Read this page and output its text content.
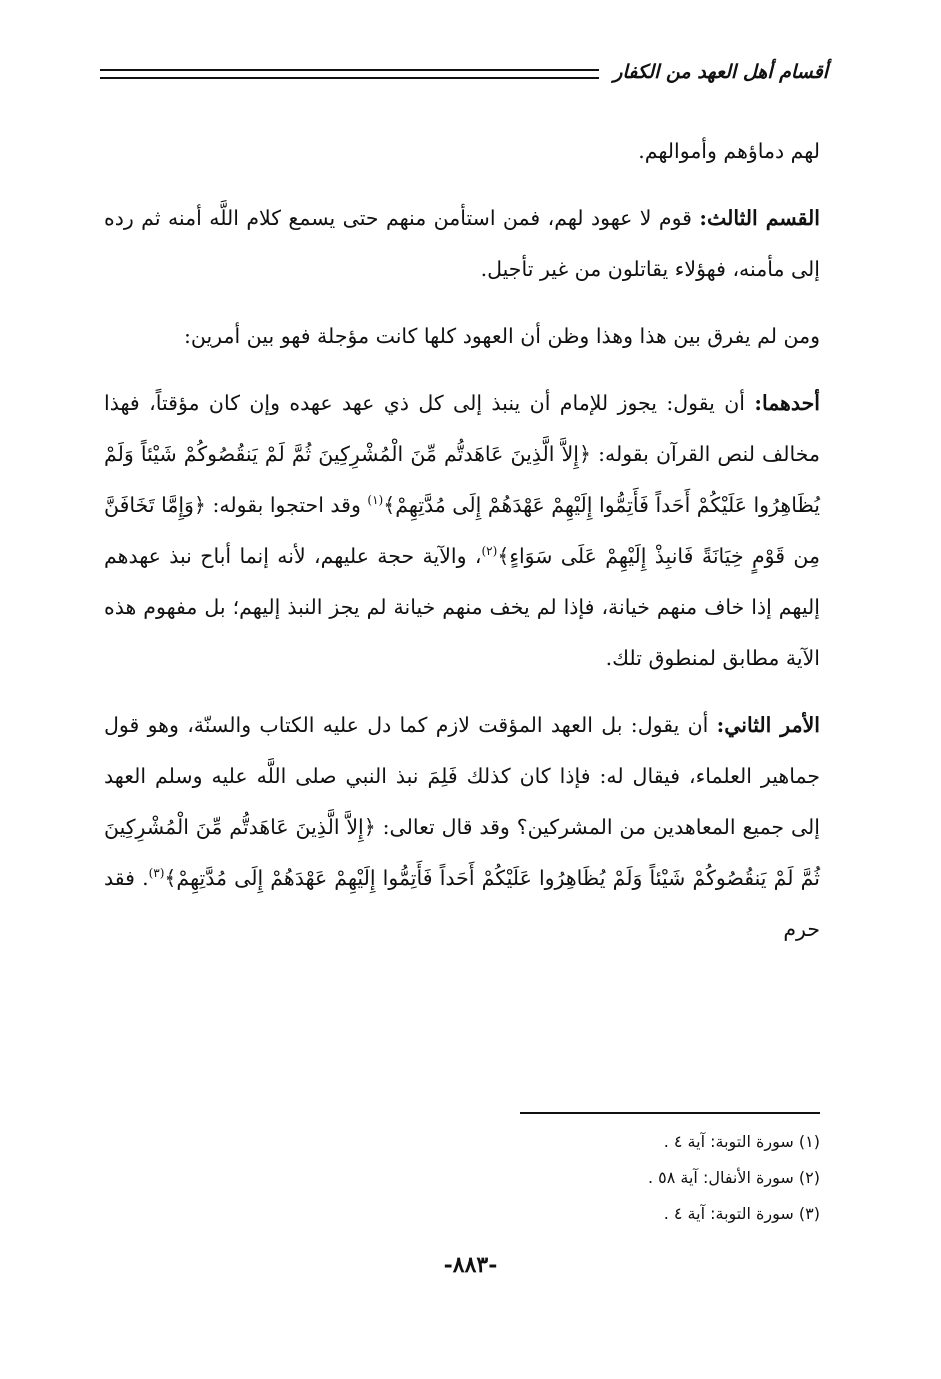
أقسام أهل العهد من الكفار

لهم دماؤهم وأموالهم.

القسم الثالث: قوم لا عهود لهم، فمن استأمن منهم حتى يسمع كلام اللَّه أمنه ثم رده إلى مأمنه، فهؤلاء يقاتلون من غير تأجيل.

ومن لم يفرق بين هذا وهذا وظن أن العهود كلها كانت مؤجلة فهو بين أمرين:

أحدهما: أن يقول: يجوز للإمام أن ينبذ إلى كل ذي عهد عهده وإن كان مؤقتاً، فهذا مخالف لنص القرآن بقوله: ﴿إِلاَّ الَّذِينَ عَاهَدتُّم مِّنَ الْمُشْرِكِينَ ثُمَّ لَمْ يَنقُصُوكُمْ شَيْئاً وَلَمْ يُظَاهِرُوا عَلَيْكُمْ أَحَداً فَأَتِمُّوا إِلَيْهِمْ عَهْدَهُمْ إِلَى مُدَّتِهِمْ﴾$^{(١)}$ وقد احتجوا بقوله: ﴿وَإِمَّا تَخَافَنَّ مِن قَوْمٍ خِيَانَةً فَانبِذْ إِلَيْهِمْ عَلَى سَوَاءٍ﴾$^{(٢)}$، والآية حجة عليهم، لأنه إنما أباح نبذ عهدهم إليهم إذا خاف منهم خيانة، فإذا لم يخف منهم خيانة لم يجز النبذ إليهم؛ بل مفهوم هذه الآية مطابق لمنطوق تلك.

الأمر الثاني: أن يقول: بل العهد المؤقت لازم كما دل عليه الكتاب والسنّة، وهو قول جماهير العلماء، فيقال له: فإذا كان كذلك فَلِمَ نبذ النبي صلى اللَّه عليه وسلم العهد إلى جميع المعاهدين من المشركين؟ وقد قال تعالى: ﴿إِلاَّ الَّذِينَ عَاهَدتُّم مِّنَ الْمُشْرِكِينَ ثُمَّ لَمْ يَنقُصُوكُمْ شَيْئاً وَلَمْ يُظَاهِرُوا عَلَيْكُمْ أَحَداً فَأَتِمُّوا إِلَيْهِمْ عَهْدَهُمْ إِلَى مُدَّتِهِمْ﴾$^{(٣)}$. فقد حرم

(١) سورة التوبة: آية ٤ .
(٢) سورة الأنفال: آية ٥٨ .
(٣) سورة التوبة: آية ٤ .
-٨٨٣-
